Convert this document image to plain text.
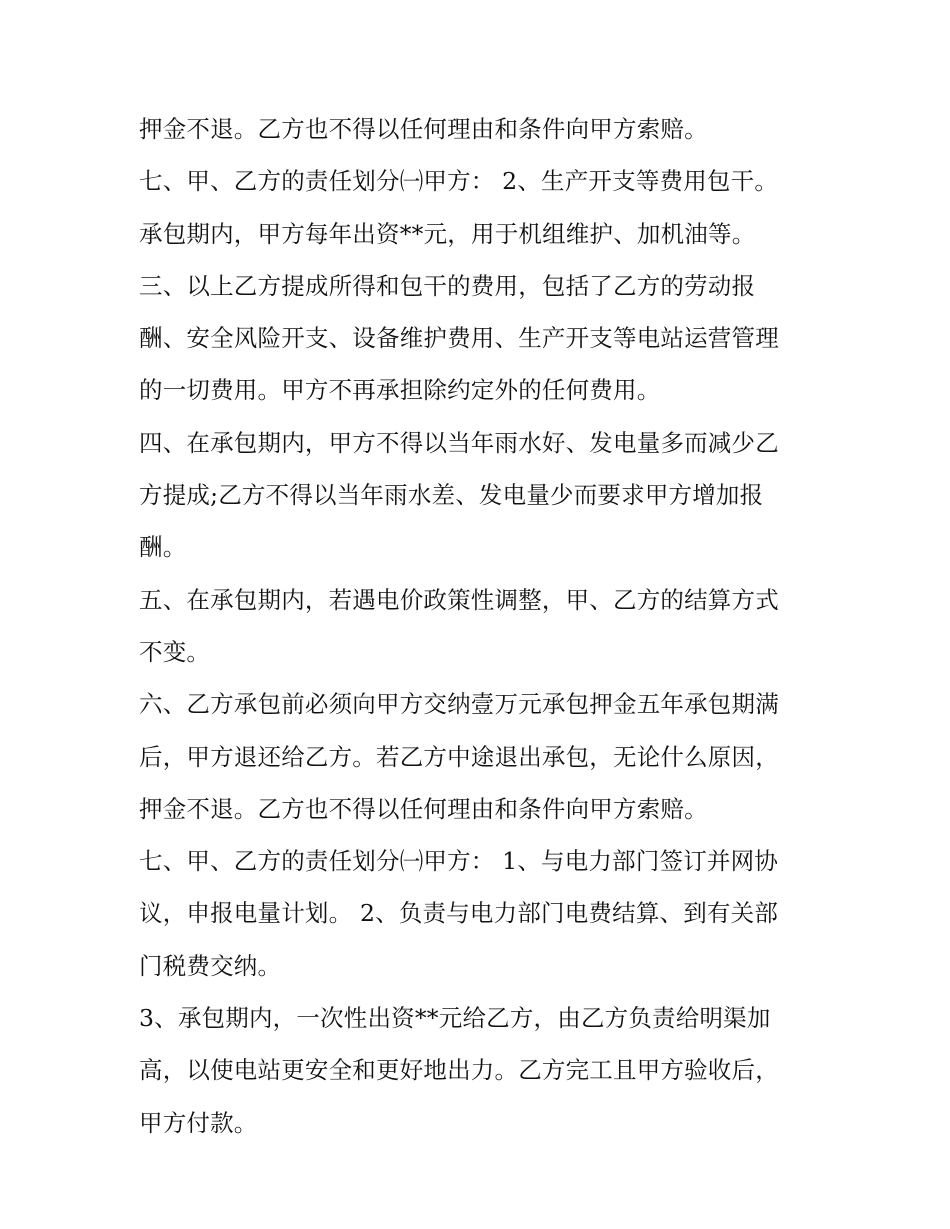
押金不退。乙方也不得以任何理由和条件向甲方索赔。
七、甲、乙方的责任划分㈠甲方： 2、生产开支等费用包干。
承包期内，甲方每年出资**元，用于机组维护、加机油等。
三、以上乙方提成所得和包干的费用，包括了乙方的劳动报
酬、安全风险开支、设备维护费用、生产开支等电站运营管理
的一切费用。甲方不再承担除约定外的任何费用。
四、在承包期内，甲方不得以当年雨水好、发电量多而减少乙
方提成;乙方不得以当年雨水差、发电量少而要求甲方增加报
酬。
五、在承包期内，若遇电价政策性调整，甲、乙方的结算方式
不变。
六、乙方承包前必须向甲方交纳壹万元承包押金五年承包期满
后，甲方退还给乙方。若乙方中途退出承包，无论什么原因，
押金不退。乙方也不得以任何理由和条件向甲方索赔。
七、甲、乙方的责任划分㈠甲方： 1、与电力部门签订并网协
议，申报电量计划。 2、负责与电力部门电费结算、到有关部
门税费交纳。
3、承包期内，一次性出资**元给乙方，由乙方负责给明渠加
高，以使电站更安全和更好地出力。乙方完工且甲方验收后，
甲方付款。
